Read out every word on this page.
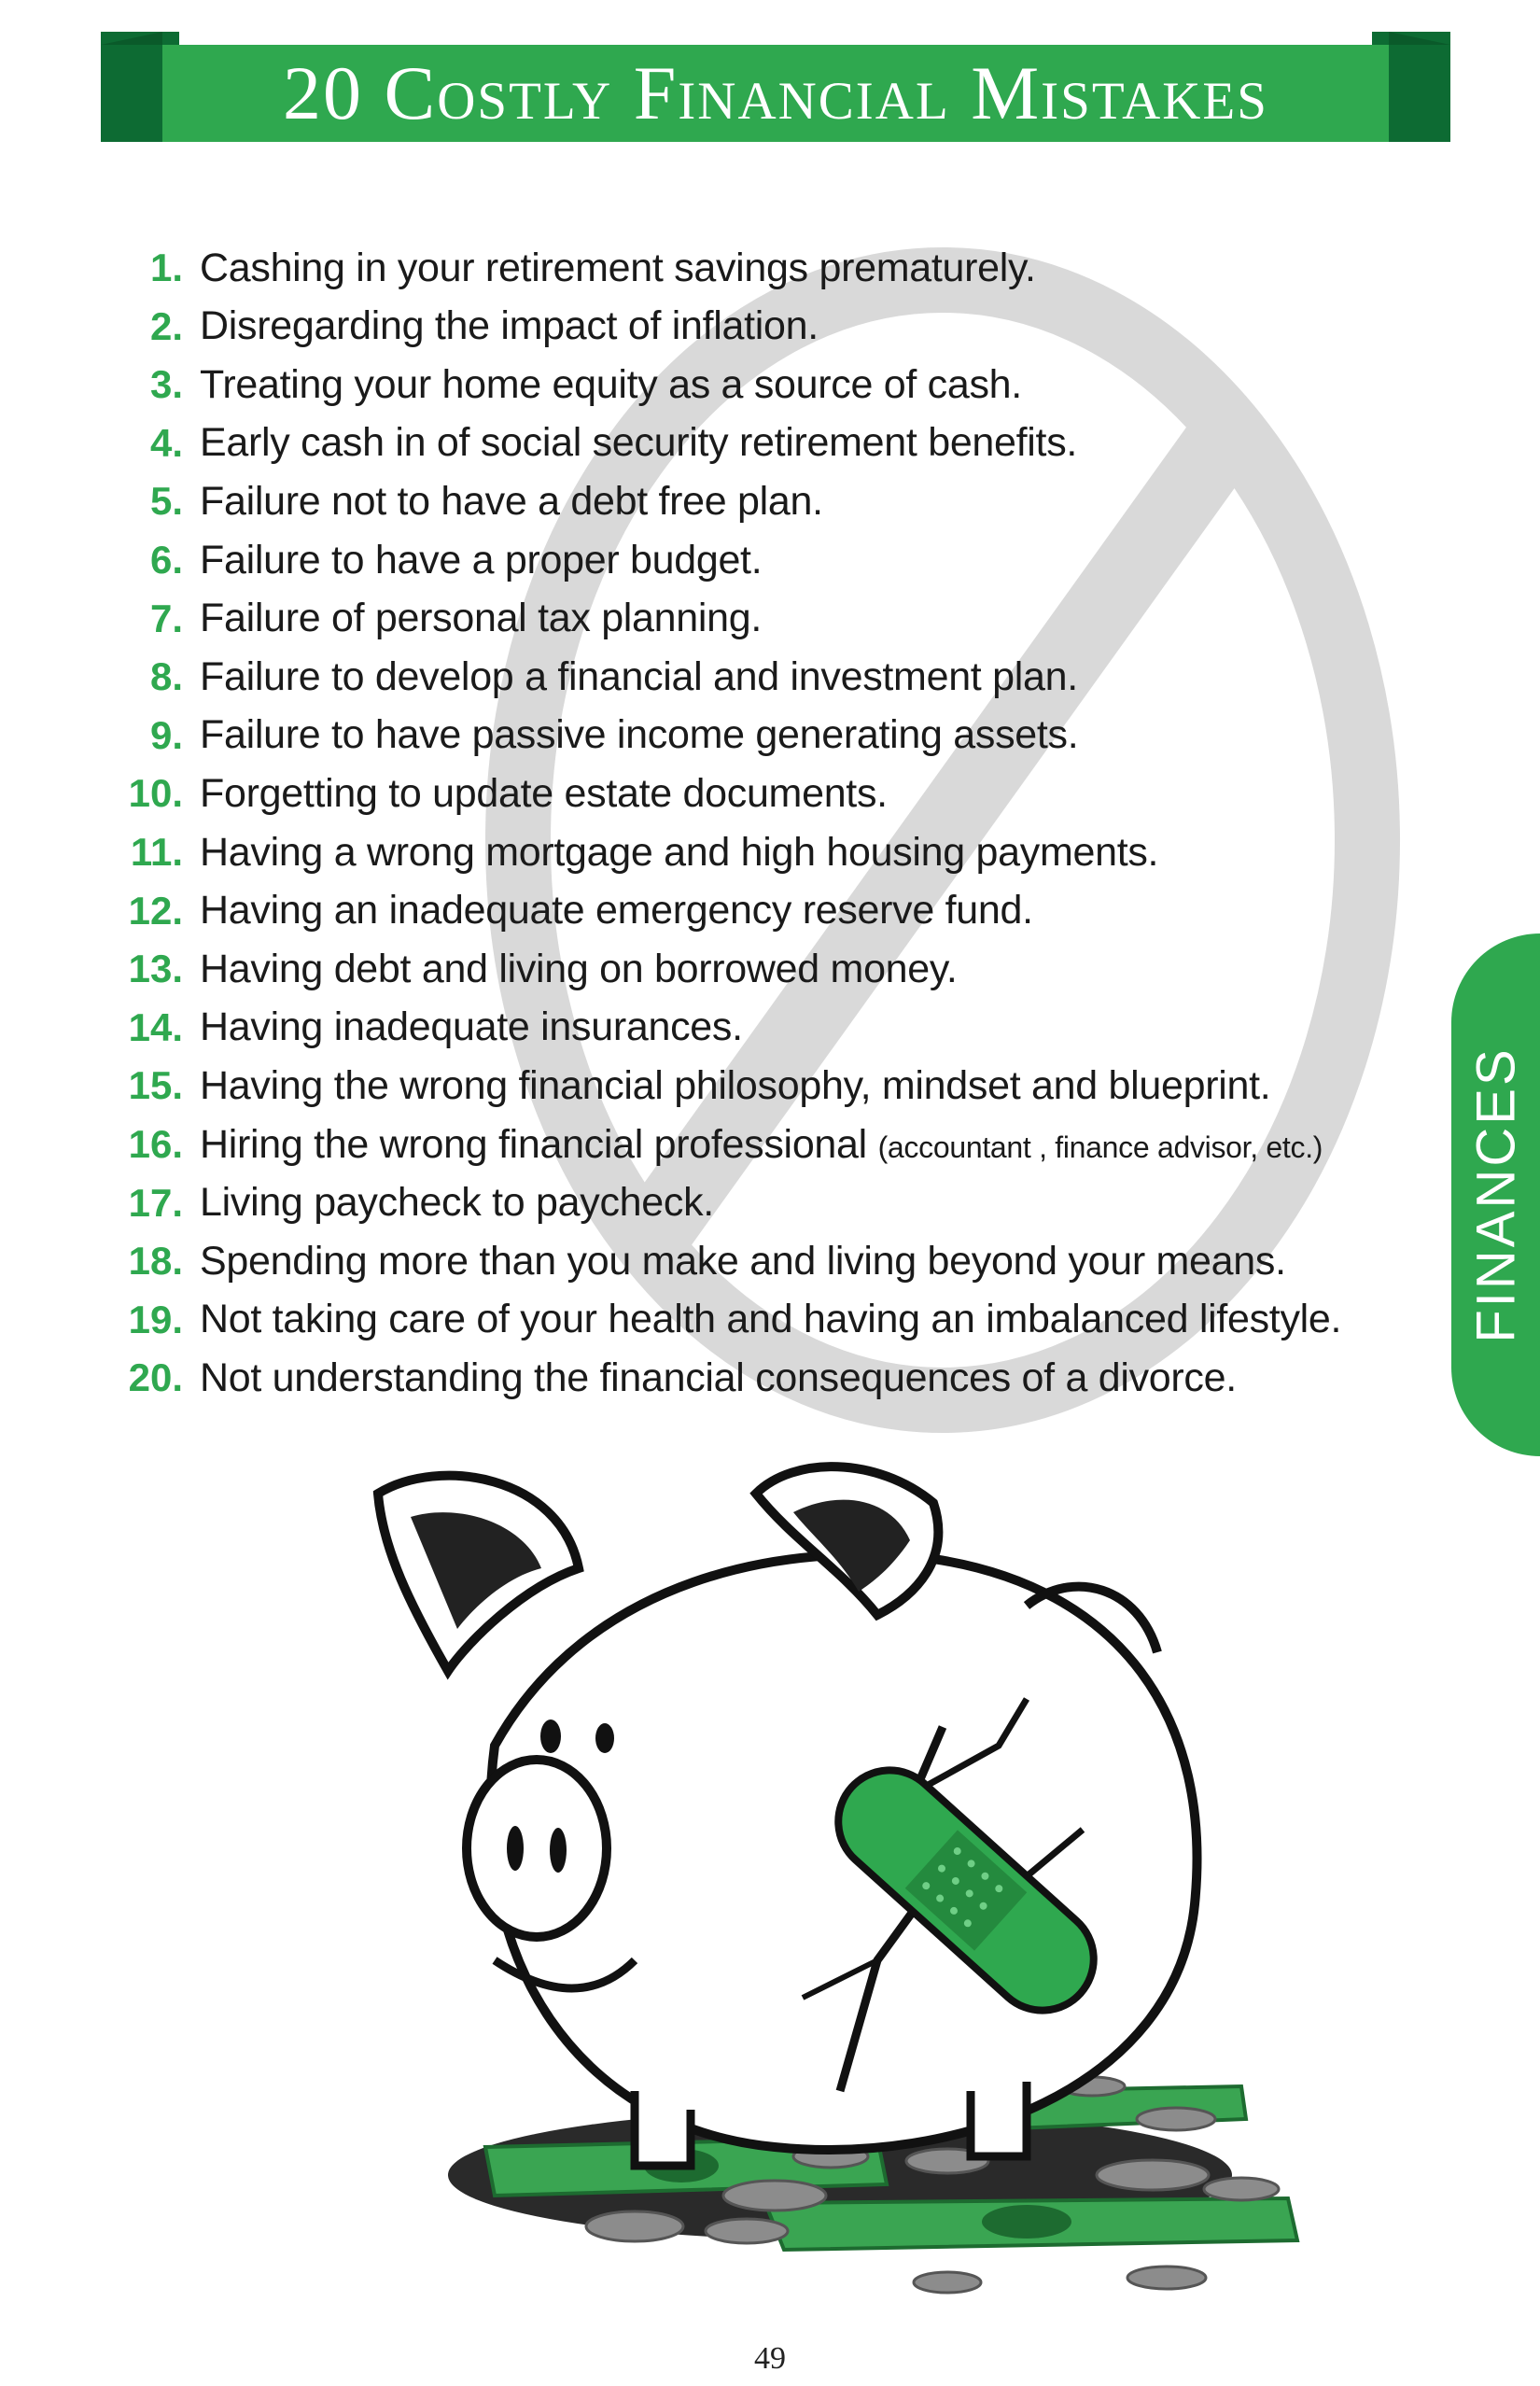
20 Costly Financial Mistakes
1. Cashing in your retirement savings prematurely.
2. Disregarding the impact of inflation.
3. Treating your home equity as a source of cash.
4. Early cash in of social security retirement benefits.
5. Failure not to have a debt free plan.
6. Failure to have a proper budget.
7. Failure of personal tax planning.
8. Failure to develop a financial and investment plan.
9. Failure to have passive income generating assets.
10. Forgetting to update estate documents.
11. Having a wrong mortgage and high housing payments.
12. Having an inadequate emergency reserve fund.
13. Having debt and living on borrowed money.
14. Having inadequate insurances.
15. Having the wrong financial philosophy, mindset and blueprint.
16. Hiring the wrong financial professional (accountant , finance advisor, etc.)
17. Living paycheck to paycheck.
18. Spending more than you make and living beyond your means.
19. Not taking care of your health and having an imbalanced lifestyle.
20. Not understanding the financial consequences of a divorce.
FINANCES
49
